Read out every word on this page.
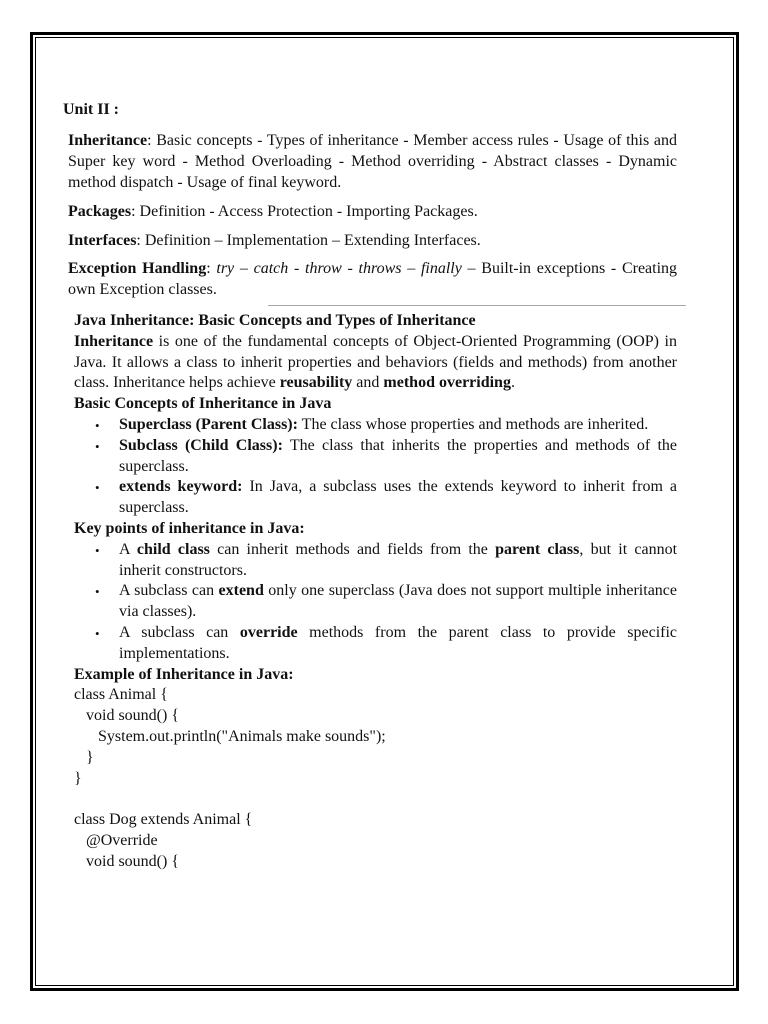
Unit II :

Inheritance: Basic concepts - Types of inheritance - Member access rules - Usage of this and Super key word - Method Overloading - Method overriding - Abstract classes - Dynamic method dispatch - Usage of final keyword.

Packages: Definition - Access Protection - Importing Packages.

Interfaces: Definition – Implementation – Extending Interfaces.

Exception Handling: try – catch - throw - throws – finally – Built-in exceptions - Creating own Exception classes.

Java Inheritance: Basic Concepts and Types of Inheritance

Inheritance is one of the fundamental concepts of Object-Oriented Programming (OOP) in Java. It allows a class to inherit properties and behaviors (fields and methods) from another class. Inheritance helps achieve reusability and method overriding.

Basic Concepts of Inheritance in Java

• Superclass (Parent Class): The class whose properties and methods are inherited.
• Subclass (Child Class): The class that inherits the properties and methods of the superclass.
• extends keyword: In Java, a subclass uses the extends keyword to inherit from a superclass.

Key points of inheritance in Java:

• A child class can inherit methods and fields from the parent class, but it cannot inherit constructors.
• A subclass can extend only one superclass (Java does not support multiple inheritance via classes).
• A subclass can override methods from the parent class to provide specific implementations.

Example of Inheritance in Java:

class Animal {
void sound() {
System.out.println("Animals make sounds");
}
}

class Dog extends Animal {
@Override
void sound() {
